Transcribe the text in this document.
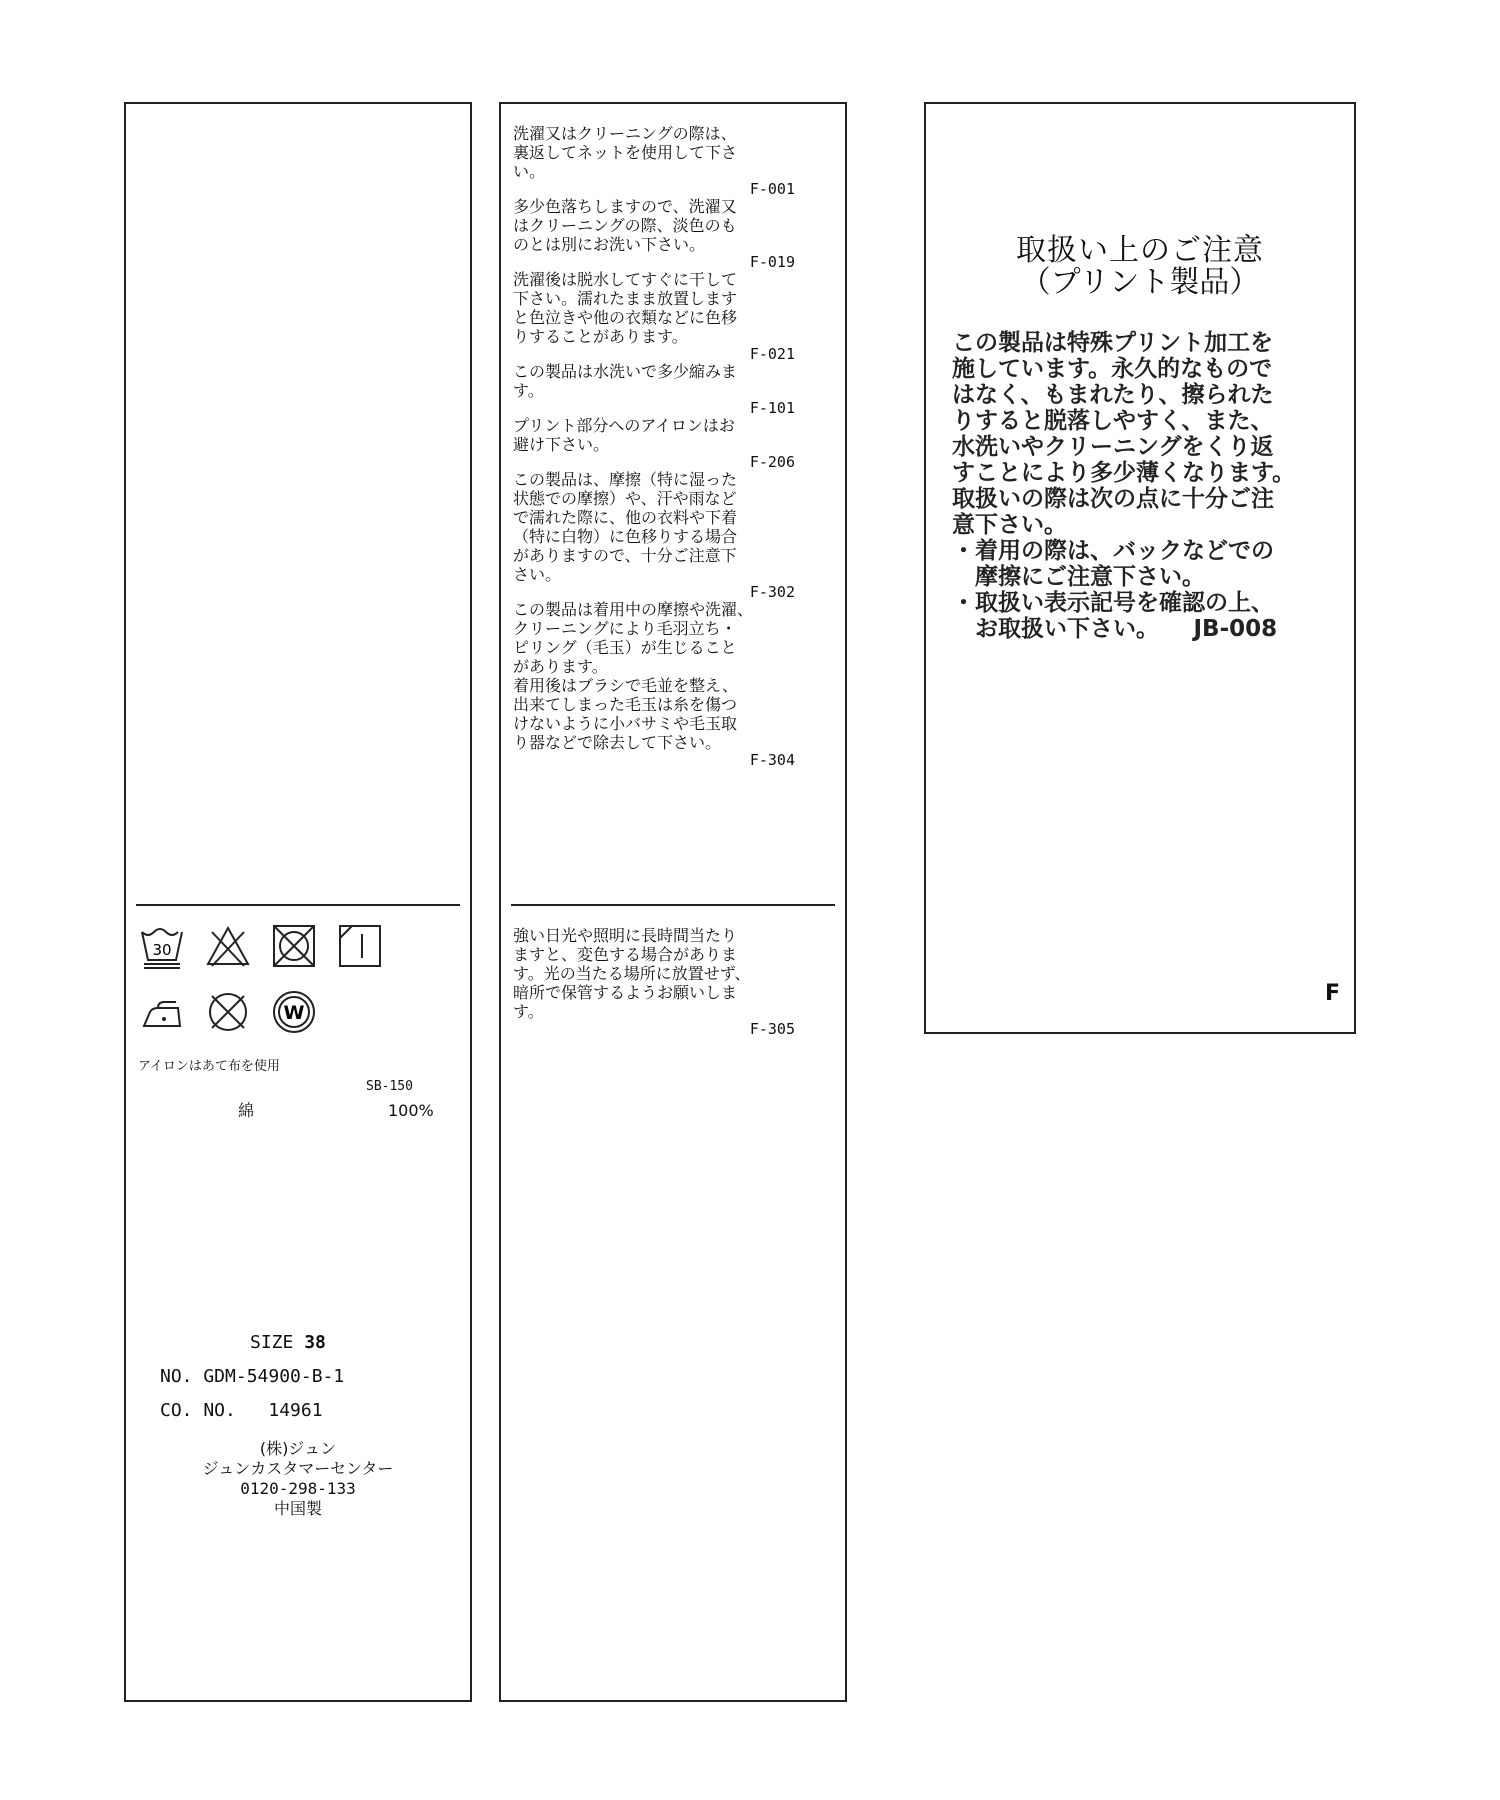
30
W
アイロンはあて布を使用
SB-150
綿	100%
SIZE 38
NO. GDM-54900-B-1
CO. NO. 14961
(株)ジュン
ジュンカスタマーセンター
0120-298-133
中国製
洗濯又はクリーニングの際は、
裏返してネットを使用して下さ
い。
F-001
多少色落ちしますので、洗濯又
はクリーニングの際、淡色のも
のとは別にお洗い下さい。
F-019
洗濯後は脱水してすぐに干して
下さい。濡れたまま放置します
と色泣きや他の衣類などに色移
りすることがあります。
F-021
この製品は水洗いで多少縮みま
す。
F-101
プリント部分へのアイロンはお
避け下さい。
F-206
この製品は、摩擦（特に湿った
状態での摩擦）や、汗や雨など
で濡れた際に、他の衣料や下着
（特に白物）に色移りする場合
がありますので、十分ご注意下
さい。
F-302
この製品は着用中の摩擦や洗濯、
クリーニングにより毛羽立ち・
ピリング（毛玉）が生じること
があります。
着用後はブラシで毛並を整え、
出来てしまった毛玉は糸を傷つ
けないように小バサミや毛玉取
り器などで除去して下さい。
F-304
強い日光や照明に長時間当たり
ますと、変色する場合がありま
す。光の当たる場所に放置せず、
暗所で保管するようお願いしま
す。
F-305
取扱い上のご注意
（プリント製品）
この製品は特殊プリント加工を
施しています。永久的なもので
はなく、もまれたり、擦られた
りすると脱落しやすく、また、
水洗いやクリーニングをくり返
すことにより多少薄くなります。
取扱いの際は次の点に十分ご注
意下さい。
・着用の際は、バックなどでの
　摩擦にご注意下さい。
・取扱い表示記号を確認の上、
　お取扱い下さい。　　JB-008
F
